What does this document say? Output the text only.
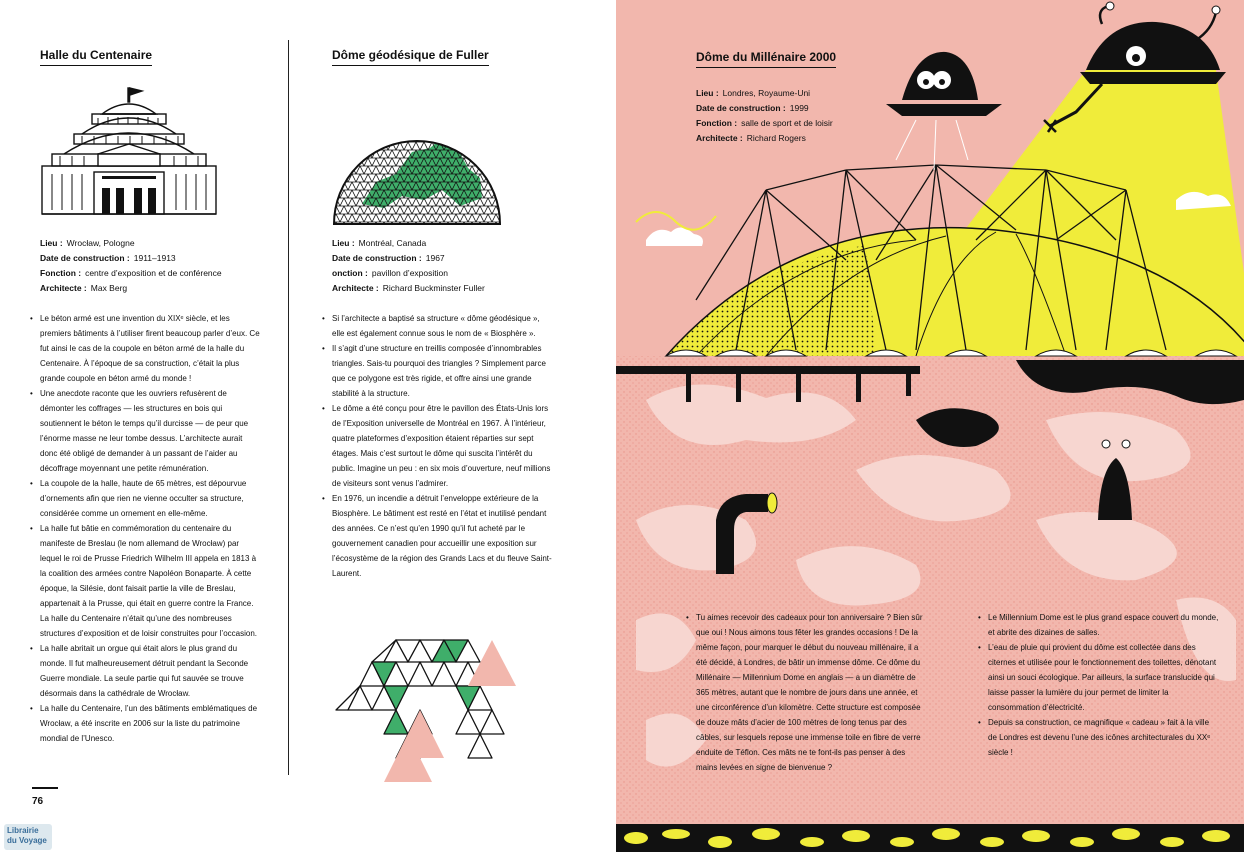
Halle du Centenaire
Lieu : Wrocław, Pologne
Date de construction : 1911–1913
Fonction : centre d’exposition et de conférence
Architecte : Max Berg
• Le béton armé est une invention du XIXᵉ siècle, et les premiers bâtiments à l’utiliser firent beaucoup parler d’eux. Ce fut ainsi le cas de la coupole en béton armé de la halle du Centenaire. À l’époque de sa construction, c’était la plus grande coupole en béton armé du monde !
• Une anecdote raconte que les ouvriers refusèrent de démonter les coffrages — les structures en bois qui soutiennent le béton le temps qu’il durcisse — de peur que l’énorme masse ne leur tombe dessus. L’architecte aurait donc été obligé de demander à un passant de l’aider au décoffrage moyennant une petite rémunération.
• La coupole de la halle, haute de 65 mètres, est dépourvue d’ornements afin que rien ne vienne occulter sa structure, considérée comme un ornement en elle-même.
• La halle fut bâtie en commémoration du centenaire du manifeste de Breslau (le nom allemand de Wrocław) par lequel le roi de Prusse Friedrich Wilhelm III appela en 1813 à la coalition des armées contre Napoléon Bonaparte. À cette époque, la Silésie, dont faisait partie la ville de Breslau, appartenait à la Prusse, qui était en guerre contre la France. La halle du Centenaire n’était qu’une des nombreuses structures d’exposition et de loisir construites pour l’occasion.
• La halle abritait un orgue qui était alors le plus grand du monde. Il fut malheureusement détruit pendant la Seconde Guerre mondiale. La seule partie qui fut sauvée se trouve désormais dans la cathédrale de Wrocław.
• La halle du Centenaire, l’un des bâtiments emblématiques de Wrocław, a été inscrite en 2006 sur la liste du patrimoine mondial de l’Unesco.
Dôme géodésique de Fuller
Lieu : Montréal, Canada
Date de construction : 1967
onction : pavillon d’exposition
Architecte : Richard Buckminster Fuller
• Si l’architecte a baptisé sa structure « dôme géodésique », elle est également connue sous le nom de « Biosphère ».
• Il s’agit d’une structure en treillis composée d’innombrables triangles. Sais-tu pourquoi des triangles ? Simplement parce que ce polygone est très rigide, et offre ainsi une grande stabilité à la structure.
• Le dôme a été conçu pour être le pavillon des États-Unis lors de l’Exposition universelle de Montréal en 1967. À l’intérieur, quatre plateformes d’exposition étaient réparties sur sept étages. Mais c’est surtout le dôme qui suscita l’intérêt du public. Imagine un peu : en six mois d’ouverture, neuf millions de visiteurs sont venus l’admirer.
• En 1976, un incendie a détruit l’enveloppe extérieure de la Biosphère. Le bâtiment est resté en l’état et inutilisé pendant des années. Ce n’est qu’en 1990 qu’il fut acheté par le gouvernement canadien pour accueillir une exposition sur l’écosystème de la région des Grands Lacs et du fleuve Saint-Laurent.
76
Librairie
du Voyage
Dôme du Millénaire 2000
Lieu : Londres, Royaume-Uni
Date de construction : 1999
Fonction : salle de sport et de loisir
Architecte : Richard Rogers
• Tu aimes recevoir des cadeaux pour ton anniversaire ? Bien sûr que oui ! Nous aimons tous fêter les grandes occasions ! De la même façon, pour marquer le début du nouveau millénaire, il a été décidé, à Londres, de bâtir un immense dôme. Ce dôme du Millénaire — Millennium Dome en anglais — a un diamètre de 365 mètres, autant que le nombre de jours dans une année, et une circonférence d’un kilomètre. Cette structure est composée de douze mâts d’acier de 100 mètres de long tenus par des câbles, sur lesquels repose une immense toile en fibre de verre enduite de Téflon. Ces mâts ne te font-ils pas penser à des mains levées en signe de bienvenue ?
• Le Millennium Dome est le plus grand espace couvert du monde, et abrite des dizaines de salles.
• L’eau de pluie qui provient du dôme est collectée dans des citernes et utilisée pour le fonctionnement des toilettes, dénotant ainsi un souci écologique. Par ailleurs, la surface translucide qui laisse passer la lumière du jour permet de limiter la consommation d’électricité.
• Depuis sa construction, ce magnifique « cadeau » fait à la ville de Londres est devenu l’une des icônes architecturales du XXᵉ siècle !
